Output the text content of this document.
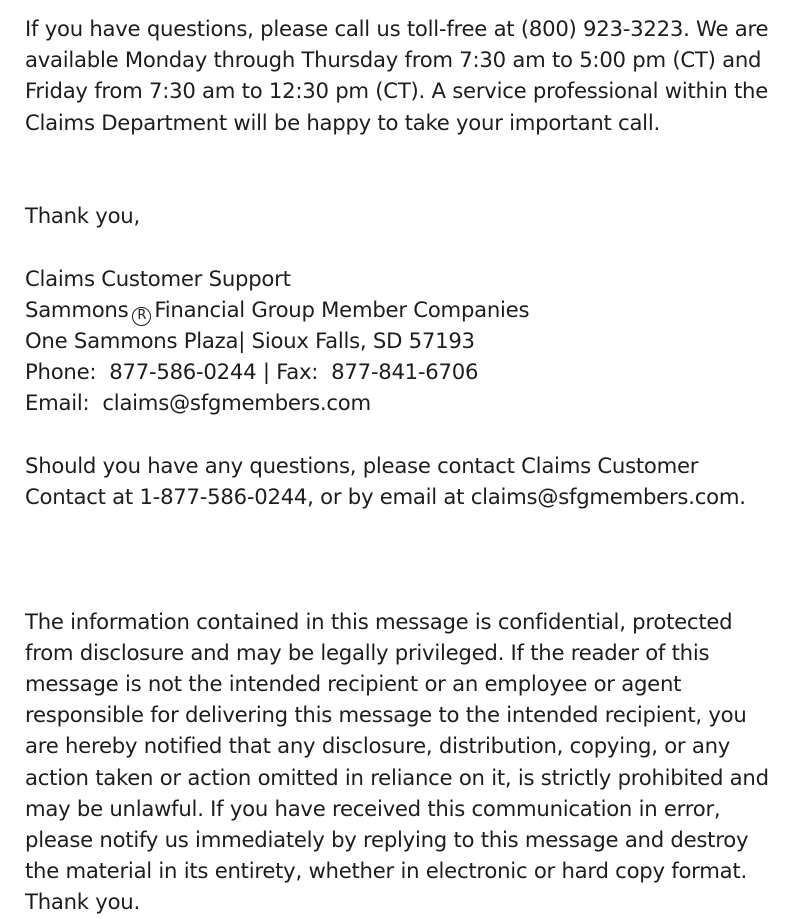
If you have questions, please call us toll-free at (800) 923-3223. We are
available Monday through Thursday from 7:30 am to 5:00 pm (CT) and
Friday from 7:30 am to 12:30 pm (CT). A service professional within the
Claims Department will be happy to take your important call.
Thank you,
Claims Customer Support
Sammons R Financial Group Member Companies
One Sammons Plaza| Sioux Falls, SD 57193
Phone: 877-586-0244 | Fax: 877-841-6706
Email: claims@sfgmembers.com
Should you have any questions, please contact Claims Customer
Contact at 1-877-586-0244, or by email at claims@sfgmembers.com.
The information contained in this message is confidential, protected
from disclosure and may be legally privileged. If the reader of this
message is not the intended recipient or an employee or agent
responsible for delivering this message to the intended recipient, you
are hereby notified that any disclosure, distribution, copying, or any
action taken or action omitted in reliance on it, is strictly prohibited and
may be unlawful. If you have received this communication in error,
please notify us immediately by replying to this message and destroy
the material in its entirety, whether in electronic or hard copy format.
Thank you.
